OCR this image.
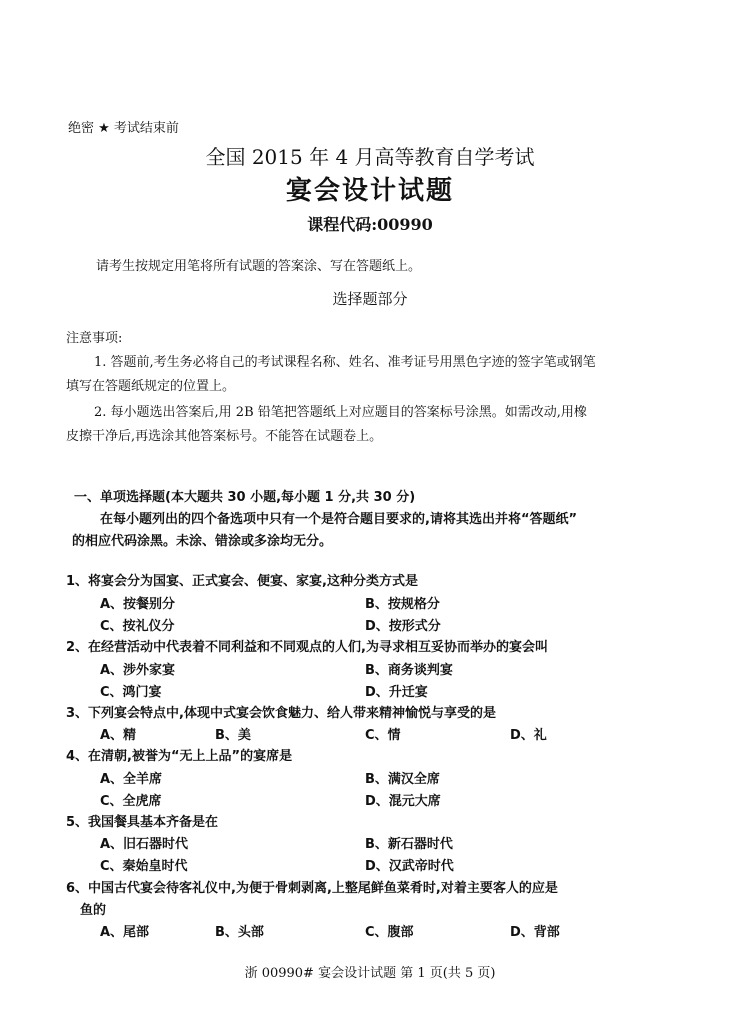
绝密 ★ 考试结束前
全国 2015 年 4 月高等教育自学考试
宴会设计试题
课程代码:00990
请考生按规定用笔将所有试题的答案涂、写在答题纸上。
选择题部分
注意事项:
1. 答题前,考生务必将自己的考试课程名称、姓名、准考证号用黑色字迹的签字笔或钢笔
填写在答题纸规定的位置上。
2. 每小题选出答案后,用 2B 铅笔把答题纸上对应题目的答案标号涂黑。如需改动,用橡
皮擦干净后,再选涂其他答案标号。不能答在试题卷上。
一、单项选择题(本大题共 30 小题,每小题 1 分,共 30 分)
在每小题列出的四个备选项中只有一个是符合题目要求的,请将其选出并将“答题纸”
的相应代码涂黑。未涂、错涂或多涂均无分。
1、将宴会分为国宴、正式宴会、便宴、家宴,这种分类方式是
A、按餐别分	B、按规格分
C、按礼仪分	D、按形式分
2、在经营活动中代表着不同利益和不同观点的人们,为寻求相互妥协而举办的宴会叫
A、涉外家宴	B、商务谈判宴
C、鸿门宴	D、升迁宴
3、下列宴会特点中,体现中式宴会饮食魅力、给人带来精神愉悦与享受的是
A、精	B、美	C、情	D、礼
4、在清朝,被誉为“无上上品”的宴席是
A、全羊席	B、满汉全席
C、全虎席	D、混元大席
5、我国餐具基本齐备是在
A、旧石器时代	B、新石器时代
C、秦始皇时代	D、汉武帝时代
6、中国古代宴会待客礼仪中,为便于骨刺剥离,上整尾鲜鱼菜肴时,对着主要客人的应是
鱼的
A、尾部	B、头部	C、腹部	D、背部
浙 00990# 宴会设计试题 第 1 页(共 5 页)
